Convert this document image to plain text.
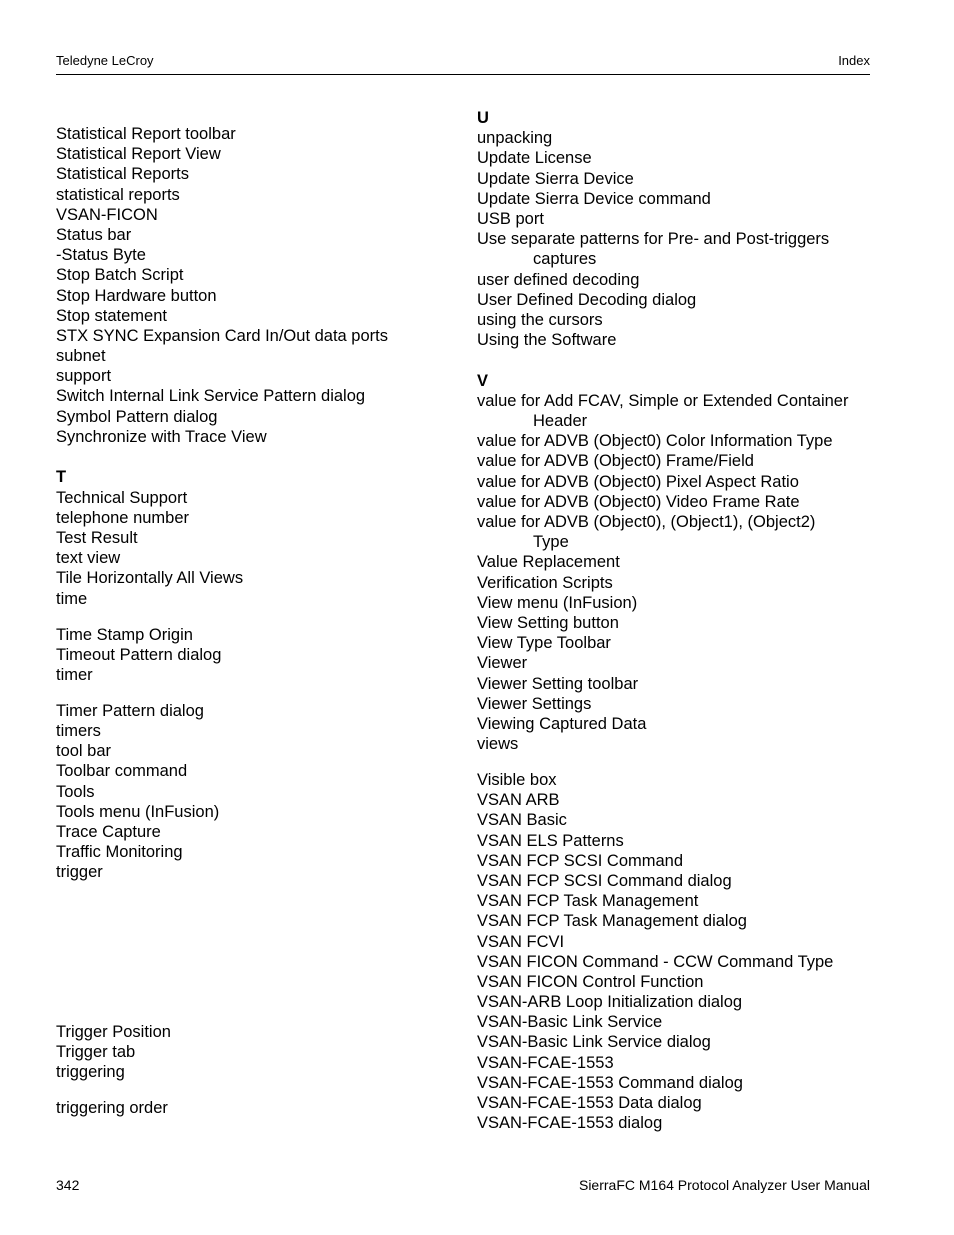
Teledyne LeCroy	Index
Statistical Report toolbar
Statistical Report View
Statistical Reports
statistical reports
VSAN-FICON
Status bar
-Status Byte
Stop Batch Script
Stop Hardware button
Stop statement
STX SYNC Expansion Card In/Out data ports
subnet
support
Switch Internal Link Service Pattern dialog
Symbol Pattern dialog
Synchronize with Trace View
T
Technical Support
telephone number
Test Result
text view
Tile Horizontally All Views
time
Time Stamp Origin
Timeout Pattern dialog
timer
Timer Pattern dialog
timers
tool bar
Toolbar command
Tools
Tools menu (InFusion)
Trace Capture
Traffic Monitoring
trigger
Trigger Position
Trigger tab
triggering
triggering order
U
unpacking
Update License
Update Sierra Device
Update Sierra Device command
USB port
Use separate patterns for Pre- and Post-triggers
captures
user defined decoding
User Defined Decoding dialog
using the cursors
Using the Software
V
value for Add FCAV, Simple or Extended Container
Header
value for ADVB (Object0) Color Information Type
value for ADVB (Object0) Frame/Field
value for ADVB (Object0) Pixel Aspect Ratio
value for ADVB (Object0) Video Frame Rate
value for ADVB (Object0), (Object1), (Object2)
Type
Value Replacement
Verification Scripts
View menu (InFusion)
View Setting button
View Type Toolbar
Viewer
Viewer Setting toolbar
Viewer Settings
Viewing Captured Data
views
Visible box
VSAN ARB
VSAN Basic
VSAN ELS Patterns
VSAN FCP SCSI Command
VSAN FCP SCSI Command dialog
VSAN FCP Task Management
VSAN FCP Task Management dialog
VSAN FCVI
VSAN FICON Command - CCW Command Type
VSAN FICON Control Function
VSAN-ARB Loop Initialization dialog
VSAN-Basic Link Service
VSAN-Basic Link Service dialog
VSAN-FCAE-1553
VSAN-FCAE-1553 Command dialog
VSAN-FCAE-1553 Data dialog
VSAN-FCAE-1553 dialog
342	SierraFC M164 Protocol Analyzer User Manual
